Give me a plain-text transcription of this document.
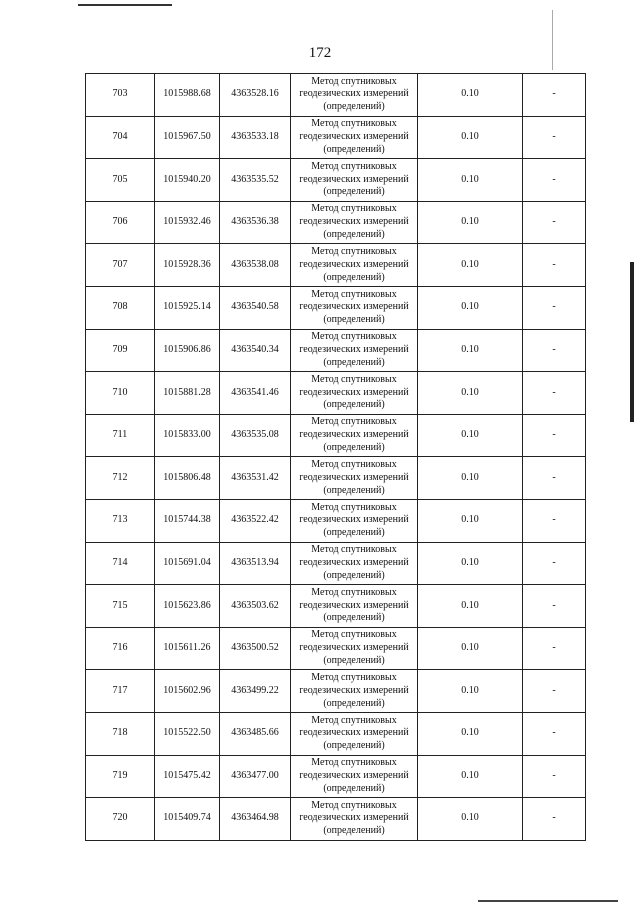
172
703	1015988.68	4363528.16	Метод спутниковых
геодезических измерений
(определений)	0.10	-
704	1015967.50	4363533.18	Метод спутниковых
геодезических измерений
(определений)	0.10	-
705	1015940.20	4363535.52	Метод спутниковых
геодезических измерений
(определений)	0.10	-
706	1015932.46	4363536.38	Метод спутниковых
геодезических измерений
(определений)	0.10	-
707	1015928.36	4363538.08	Метод спутниковых
геодезических измерений
(определений)	0.10	-
708	1015925.14	4363540.58	Метод спутниковых
геодезических измерений
(определений)	0.10	-
709	1015906.86	4363540.34	Метод спутниковых
геодезических измерений
(определений)	0.10	-
710	1015881.28	4363541.46	Метод спутниковых
геодезических измерений
(определений)	0.10	-
711	1015833.00	4363535.08	Метод спутниковых
геодезических измерений
(определений)	0.10	-
712	1015806.48	4363531.42	Метод спутниковых
геодезических измерений
(определений)	0.10	-
713	1015744.38	4363522.42	Метод спутниковых
геодезических измерений
(определений)	0.10	-
714	1015691.04	4363513.94	Метод спутниковых
геодезических измерений
(определений)	0.10	-
715	1015623.86	4363503.62	Метод спутниковых
геодезических измерений
(определений)	0.10	-
716	1015611.26	4363500.52	Метод спутниковых
геодезических измерений
(определений)	0.10	-
717	1015602.96	4363499.22	Метод спутниковых
геодезических измерений
(определений)	0.10	-
718	1015522.50	4363485.66	Метод спутниковых
геодезических измерений
(определений)	0.10	-
719	1015475.42	4363477.00	Метод спутниковых
геодезических измерений
(определений)	0.10	-
720	1015409.74	4363464.98	Метод спутниковых
геодезических измерений
(определений)	0.10	-
